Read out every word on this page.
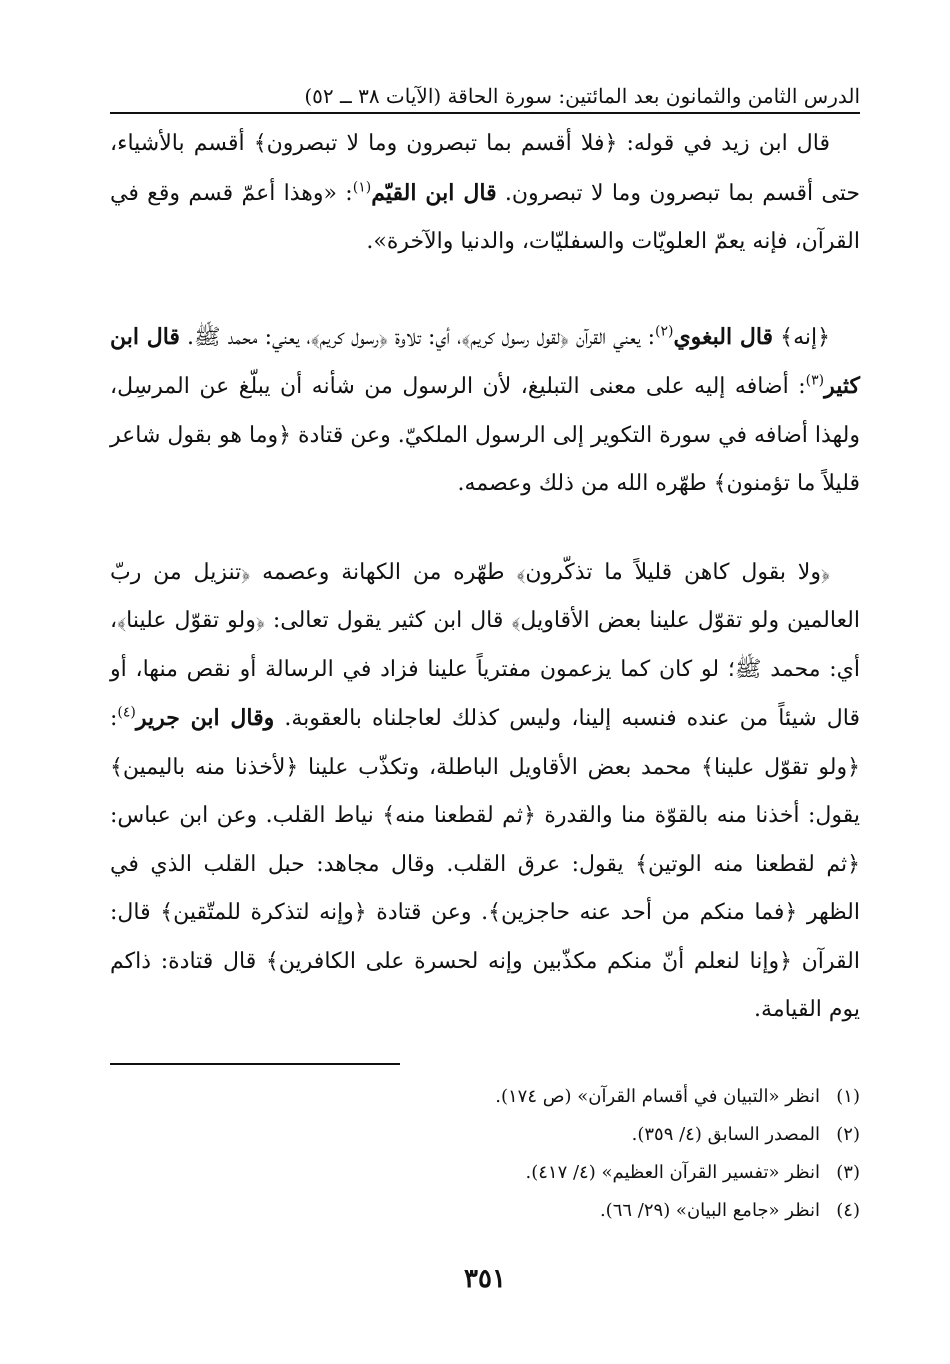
الدرس الثامن والثمانون بعد المائتين: سورة الحاقة (الآيات ٣٨ ــ ٥٢)

قال ابن زيد في قوله: ﴿فلا أقسم بما تبصرون وما لا تبصرون﴾ أقسم بالأشياء، حتى أقسم بما تبصرون وما لا تبصرون. قال ابن القيّم$^{(١)}$: «وهذا أعمّ قسم وقع في القرآن، فإنه يعمّ العلويّات والسفليّات، والدنيا والآخرة».

﴿إنه﴾ قال البغوي$^{(٢)}$: يعني القرآن ﴿لقول رسول كريم﴾، أي: تلاوة ﴿رسول كريم﴾، يعني: محمد ﷺ. قال ابن كثير$^{(٣)}$: أضافه إليه على معنى التبليغ، لأن الرسول من شأنه أن يبلّغ عن المرسِل، ولهذا أضافه في سورة التكوير إلى الرسول الملكيّ. وعن قتادة ﴿وما هو بقول شاعر قليلاً ما تؤمنون﴾ طهّره الله من ذلك وعصمه.

﴿ولا بقول كاهن قليلاً ما تذكّرون﴾ طهّره من الكهانة وعصمه ﴿تنزيل من ربّ العالمين ولو تقوّل علينا بعض الأقاويل﴾ قال ابن كثير يقول تعالى: ﴿ولو تقوّل علينا﴾، أي: محمد ﷺ؛ لو كان كما يزعمون مفترياً علينا فزاد في الرسالة أو نقص منها، أو قال شيئاً من عنده فنسبه إلينا، وليس كذلك لعاجلناه بالعقوبة. وقال ابن جرير$^{(٤)}$: ﴿ولو تقوّل علينا﴾ محمد بعض الأقاويل الباطلة، وتكذّب علينا ﴿لأخذنا منه باليمين﴾ يقول: أخذنا منه بالقوّة منا والقدرة ﴿ثم لقطعنا منه﴾ نياط القلب. وعن ابن عباس: ﴿ثم لقطعنا منه الوتين﴾ يقول: عرق القلب. وقال مجاهد: حبل القلب الذي في الظهر ﴿فما منكم من أحد عنه حاجزين﴾. وعن قتادة ﴿وإنه لتذكرة للمتّقين﴾ قال: القرآن ﴿وإنا لنعلم أنّ منكم مكذّبين وإنه لحسرة على الكافرين﴾ قال قتادة: ذاكم يوم القيامة.

(١)انظر «التبيان في أقسام القرآن» (ص ١٧٤).
(٢)المصدر السابق (٤/ ٣٥٩).
(٣)انظر «تفسير القرآن العظيم» (٤/ ٤١٧).
(٤)انظر «جامع البيان» (٢٩/ ٦٦).
٣٥١
